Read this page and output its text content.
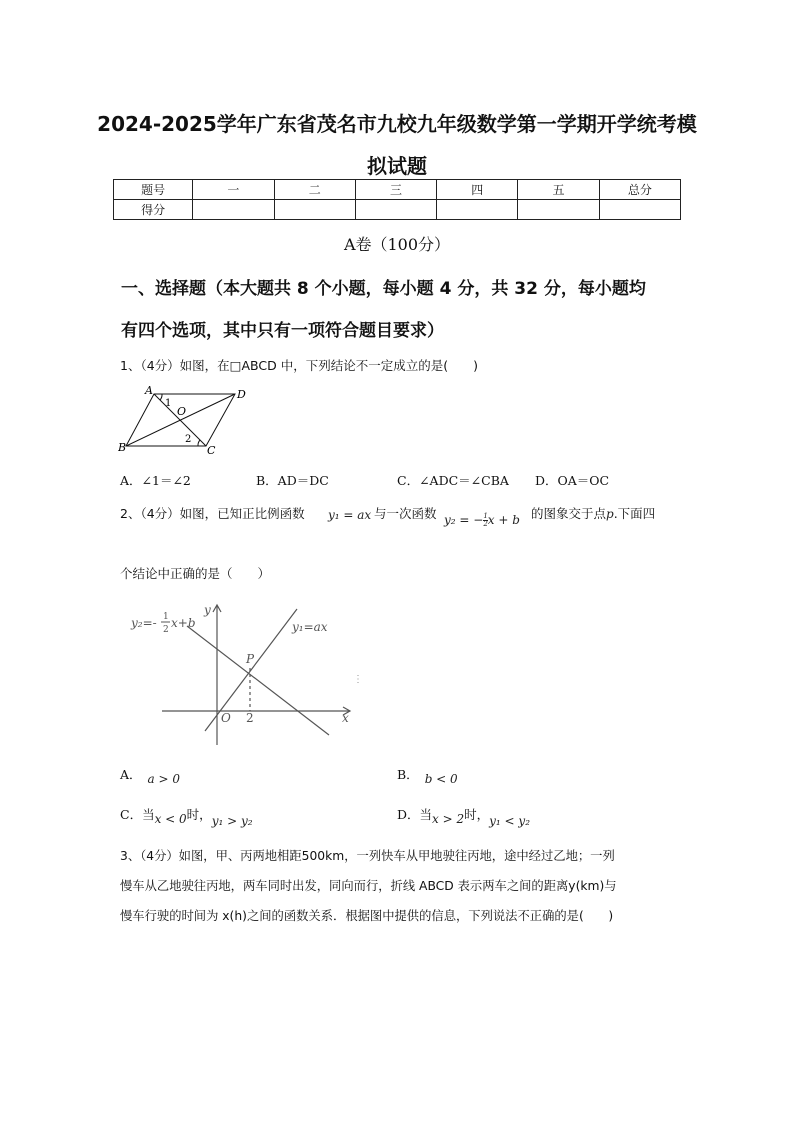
2024-2025学年广东省茂名市九校九年级数学第一学期开学统考模
拟试题
题号	一	二	三	四	五	总分
得分						
A卷（100分）
一、选择题（本大题共 8 个小题，每小题 4 分，共 32 分，每小题均
有四个选项，其中只有一项符合题目要求）
1、（4分）如图，在□ABCD 中，下列结论不一定成立的是(　　)
A	D
B	C
O
1
2
A．∠1＝∠2	B．AD＝DC	C．∠ADC＝∠CBA D．OA＝OC
2、（4分）如图，已知正比例函数 y₁ = ax 与一次函数 y₂ = − $\frac{1}{2}$ x + b 的图象交于点p.下面四
个结论中正确的是（　　）
y₂=- 1
2 x+b	y₁=ax
y
x
O
P
2
⋮
A． a > 0	B． b < 0
C．当x < 0时，y₁ > y₂	D．当x > 2时，y₁ < y₂
3、（4分）如图，甲、丙两地相距500km，一列快车从甲地驶往丙地，途中经过乙地；一列
慢车从乙地驶往丙地，两车同时出发，同向而行，折线 ABCD 表示两车之间的距离y(km)与
慢车行驶的时间为 x(h)之间的函数关系．根据图中提供的信息，下列说法不正确的是(　　)
